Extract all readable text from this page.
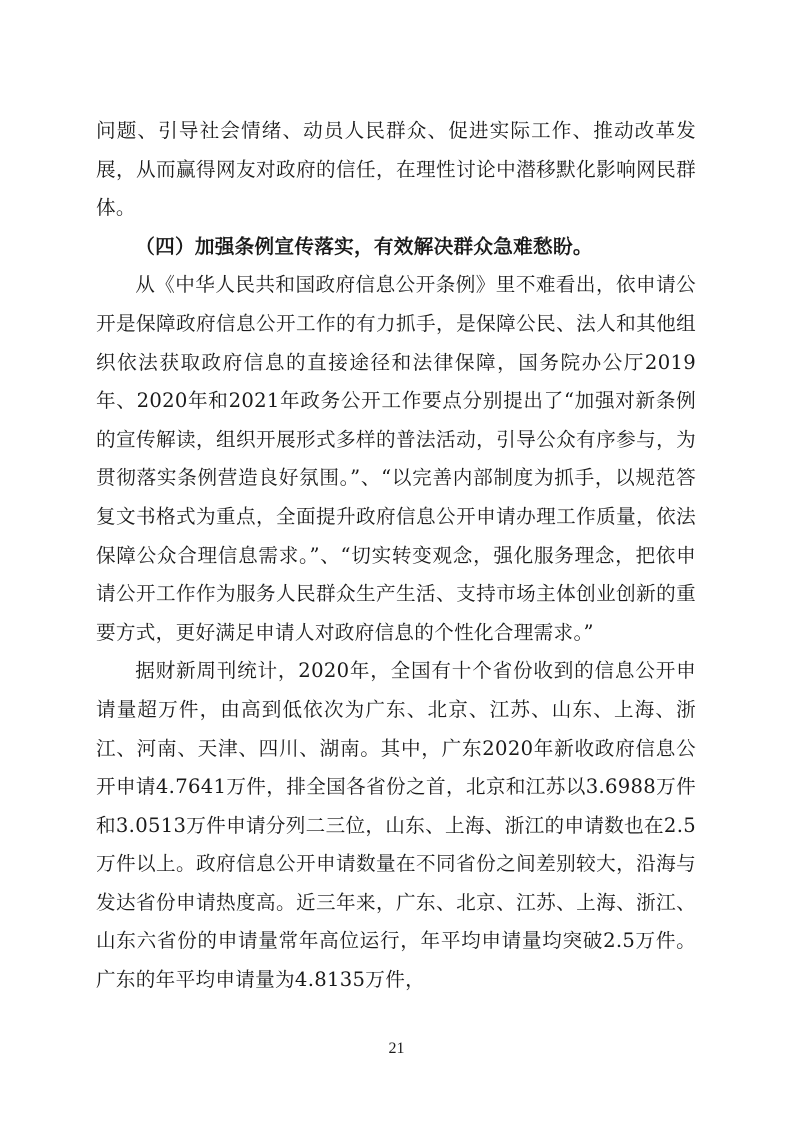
问题、引导社会情绪、动员人民群众、促进实际工作、推动改革发展，从而赢得网友对政府的信任，在理性讨论中潜移默化影响网民群体。

（四）加强条例宣传落实，有效解决群众急难愁盼。

从《中华人民共和国政府信息公开条例》里不难看出，依申请公开是保障政府信息公开工作的有力抓手，是保障公民、法人和其他组织依法获取政府信息的直接途径和法律保障，国务院办公厅2019年、2020年和2021年政务公开工作要点分别提出了“加强对新条例的宣传解读，组织开展形式多样的普法活动，引导公众有序参与，为贯彻落实条例营造良好氛围。”、“以完善内部制度为抓手，以规范答复文书格式为重点，全面提升政府信息公开申请办理工作质量，依法保障公众合理信息需求。”、“切实转变观念，强化服务理念，把依申请公开工作作为服务人民群众生产生活、支持市场主体创业创新的重要方式，更好满足申请人对政府信息的个性化合理需求。”

据财新周刊统计，2020年，全国有十个省份收到的信息公开申请量超万件，由高到低依次为广东、北京、江苏、山东、上海、浙江、河南、天津、四川、湖南。其中，广东2020年新收政府信息公开申请4.7641万件，排全国各省份之首，北京和江苏以3.6988万件和3.0513万件申请分列二三位，山东、上海、浙江的申请数也在2.5万件以上。政府信息公开申请数量在不同省份之间差别较大，沿海与发达省份申请热度高。近三年来，广东、北京、江苏、上海、浙江、山东六省份的申请量常年高位运行，年平均申请量均突破2.5万件。广东的年平均申请量为4.8135万件，

21
